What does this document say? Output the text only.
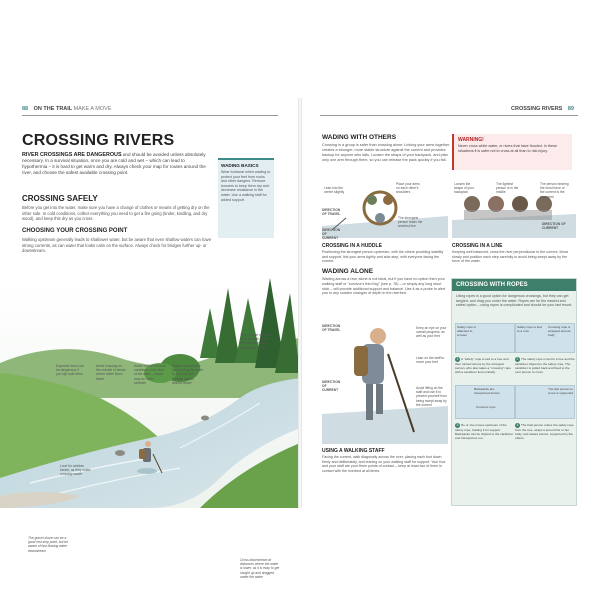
88 ON THE TRAIL MAKE A MOVE
CROSSING RIVERS
RIVER CROSSINGS ARE DANGEROUS and should be avoided unless absolutely necessary. In a survival situation, once you are cold and wet – which can lead to hypothermia – it is hard to get warm and dry. Always check your map for routes around the river, and choose the safest available crossing point.
CROSSING SAFELY
Before you get into the water, make sure you have a change of clothes or means of getting dry on the other side. In cold conditions, collect everything you need to get a fire going (tinder, kindling, and dry wood), and keep this dry as you cross.
CHOOSING YOUR CROSSING POINT
Walking upstream generally leads to shallower water, but be aware that even shallow waters can have strong currents, as can water that looks calm on the surface. Always check for bridges further up- or downstream.
WADING BASICS
Wear footwear when wading to protect your feet from rocks and other dangers. Remove trousers to keep them dry and decrease resistance in the water. Use a walking staff for added support.
Exposed rocks can be dangerous if you slip onto them
Avoid crossing on the outside of bends where water flows faster
Watch out for unusual variations in the flow of the water – these may be rocks beneath
Always assess how fast moving the water is, and use your walking staff to assess depth
Trees on the opposite bank provide shelter from the wind after wading the water
Look for shallow bends, as they make crossing easier
The gravel shore can be a good rest stop point, but be aware of fast-flowing water downstream
Cross downstream at distances where the water is lower, as it is easy to get caught up and dragged under the water
CROSSING RIVERS 89
WADING WITH OTHERS
Crossing in a group is safer than crossing alone. Linking your arms together creates a stronger, more stable structure against the current and provides backup for anyone who falls. Loosen the straps of your backpack, and plan only one arm through them, so you can release the pack quickly if you fall.
Lean into the centre slightly
Place your arms on each other's shoulders
The strongest person leads the shortest line
DIRECTION OF TRAVEL
DIRECTION OF CURRENT
CROSSING IN A HUDDLE
Positioning the strongest person upstream, with the others providing stability and support, link your arms tightly and side-step, with everyone facing the current.
WARNING!
Never cross white water, or rivers that have flooded. In these situations it is safer not to cross at all than to risk injury.
Loosen the straps of your backpack
The lightest person is in the middle
The person bearing the most force of the current is the strongest
DIRECTION OF CURRENT
CROSSING IN A LINE
Keeping well balanced, cross the river perpendicular to the current. Move slowly and position each step carefully to avoid being swept away by the force of the water.
WADING ALONE
Wading across a river alone is not ideal, but if you have no option then your walking staff or "survivor's third leg" (see p. 78) – or simply any long stout stick – will provide additional support and balance. Use it as a probe to alert you to any sudden changes of depth in the riverbed.
DIRECTION OF TRAVEL
DIRECTION OF CURRENT
Keep an eye on your overall progress, as well as your feet
Lean on the staff to move your feet
Avoid lifting on the staff and use it to prevent yourself from being swept away by the current
USING A WALKING STAFF
Facing the current, walk diagonally across the river, placing each foot down firmly and deliberately, and leaning on your walking staff for support. Your foot and your staff are your three points of contact – keep at least two of them in contact with the riverbed at all times.
CROSSING WITH ROPES
Using ropes is a good option for dangerous crossings, but they can get tangled, and drag you under the water. Ropes are for the easiest and safest option – using ropes is complicated and should be your last resort.
Safety rope is attached to crosser
Safety rope is tied to a rock
Crossing rope is wrapped around body
1 A "safety" rope is tied to a tree and then carried across by the strongest person, who also takes a "crossing" rope with a carabiner tied centrally.
2 The safety rope is tied to a tree and the carabiner clipped to the safety rope. The carabiner is pulled back and fixed to the next person to cross.
Crossers rope
Backpacks are transported across
The last person to cross is supported
3 He or she moves upstream of the safety rope, holding it for support. Backpacks can be clipped to the carabiner and transported, too.
4 The final person unties the safety rope from the tree, wraps it around his or her body, and wades across, supported by the others.
